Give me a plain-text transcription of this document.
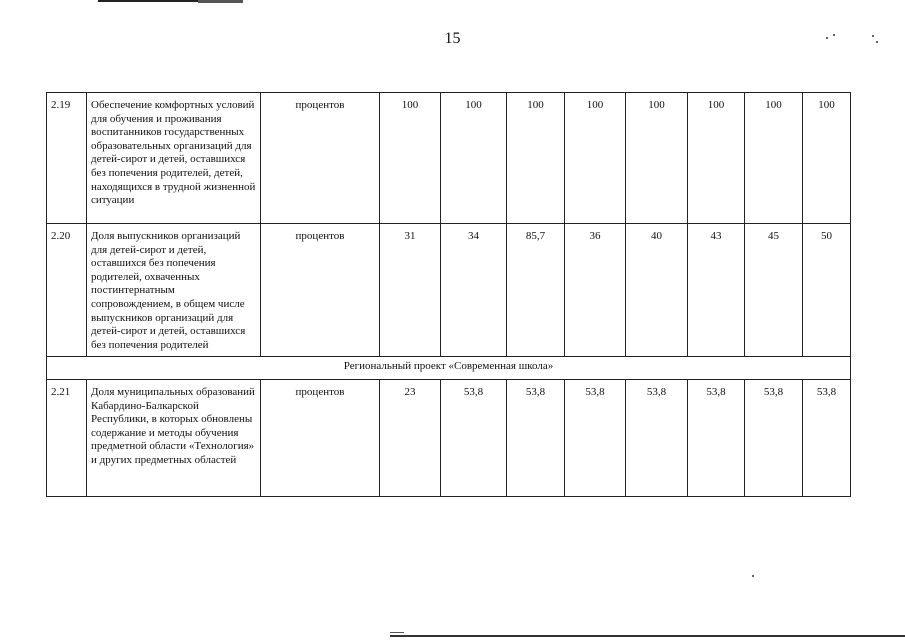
15
2.19	Обеспечение комфортных условий для обучения и проживания воспитанников государственных образовательных организаций для детей-сирот и детей, оставшихся без попечения родителей, детей, находящихся в трудной жизненной ситуации	процентов	100	100	100	100	100	100	100	100
2.20	Доля выпускников организаций для детей-сирот и детей, оставшихся без попечения родителей, охваченных постинтернатным сопровождением, в общем числе выпускников организаций для детей-сирот и детей, оставшихся без попечения родителей	процентов	31	34	85,7	36	40	43	45	50
Региональный проект «Современная школа»										
2.21	Доля муниципальных образований Кабардино-Балкарской Республики, в которых обновлены содержание и методы обучения предметной области «Технология» и других предметных областей	процентов	23	53,8	53,8	53,8	53,8	53,8	53,8	53,8
